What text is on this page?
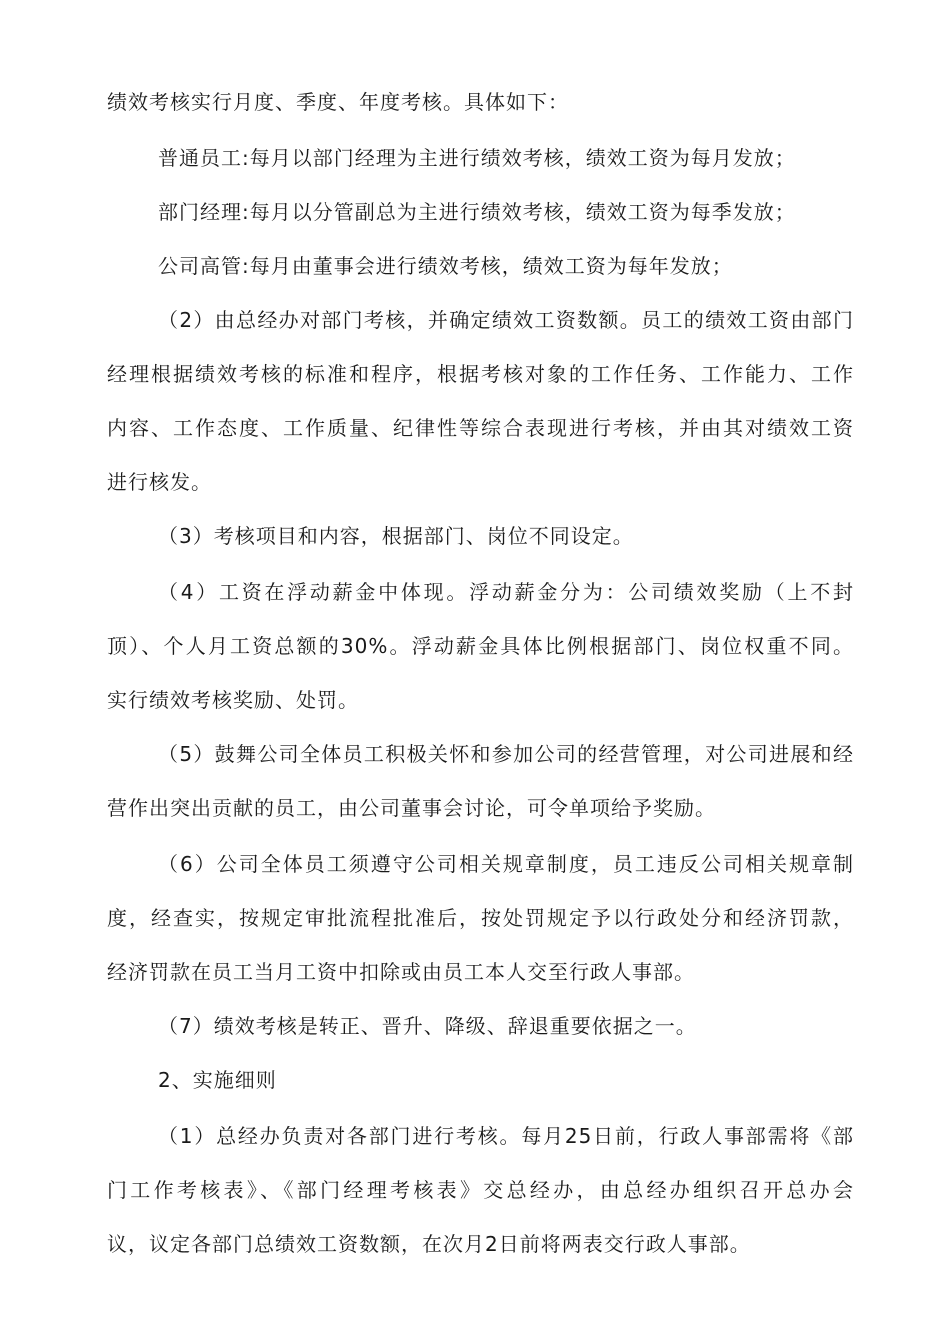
绩效考核实行月度、季度、年度考核。具体如下：
普通员工:每月以部门经理为主进行绩效考核，绩效工资为每月发放；
部门经理:每月以分管副总为主进行绩效考核，绩效工资为每季发放；
公司高管:每月由董事会进行绩效考核，绩效工资为每年发放；
（2）由总经办对部门考核，并确定绩效工资数额。员工的绩效工资由部门
经理根据绩效考核的标准和程序，根据考核对象的工作任务、工作能力、工作
内容、工作态度、工作质量、纪律性等综合表现进行考核，并由其对绩效工资
进行核发。
（3）考核项目和内容，根据部门、岗位不同设定。
（4）工资在浮动薪金中体现。浮动薪金分为：公司绩效奖励（上不封
顶）、个人月工资总额的30%。浮动薪金具体比例根据部门、岗位权重不同。
实行绩效考核奖励、处罚。
（5）鼓舞公司全体员工积极关怀和参加公司的经营管理，对公司进展和经
营作出突出贡献的员工，由公司董事会讨论，可令单项给予奖励。
（6）公司全体员工须遵守公司相关规章制度，员工违反公司相关规章制
度，经查实，按规定审批流程批准后，按处罚规定予以行政处分和经济罚款，
经济罚款在员工当月工资中扣除或由员工本人交至行政人事部。
（7）绩效考核是转正、晋升、降级、辞退重要依据之一。
2、实施细则
（1）总经办负责对各部门进行考核。每月25日前，行政人事部需将《部
门工作考核表》、《部门经理考核表》交总经办，由总经办组织召开总办会
议，议定各部门总绩效工资数额，在次月2日前将两表交行政人事部。
